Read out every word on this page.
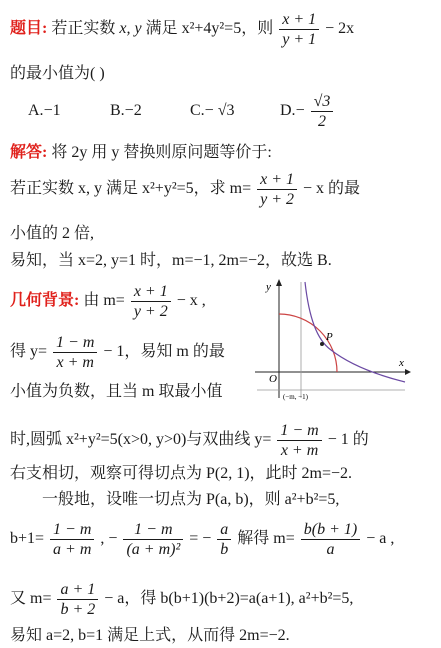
题目: 若正实数 x, y 满足 x²+4y²=5，则 $\frac{x + 1}{y + 1} - 2x$
的最小值为( )
A.−1	B.−2	C.− √3	$D.- \frac{√3}{2}$
解答: 将 2y 用 y 替换则原问题等价于:
若正实数 x, y 满足 x²+y²=5，求 $m= \frac{x + 1}{y + 2} - x$ 的最
小值的 2 倍,
易知，当 x=2, y=1 时，m=−1, 2m=−2，故选 B.
几何背景: 由 $m= \frac{x + 1}{y + 2} - x$ ,
得 $y= \frac{1 - m}{x + m} - 1$，易知 m 的最
小值为负数，且当 m 取最小值
时,圆弧 x²+y²=5(x>0, y>0)与双曲线 $y= \frac{1 - m}{x + m} - 1$ 的
右支相切，观察可得切点为 P(2, 1)，此时 2m=−2.
一般地，设唯一切点为 P(a, b)，则 a²+b²=5,
$b+1= \frac{1 - m}{a + m}$ , − $\frac{1 - m}{\text{(a + m)²}}$ = − $\frac{a}{b}$ 解得 $m= \frac{b(b + 1)}{a} - a$ ,
又 $m= \frac{a + 1}{b + 2} - a$，得 b(b+1)(b+2)=a(a+1), a²+b²=5,
易知 a=2, b=1 满足上式，从而得 2m=−2.
P
O
y
x
(−m, −1)
